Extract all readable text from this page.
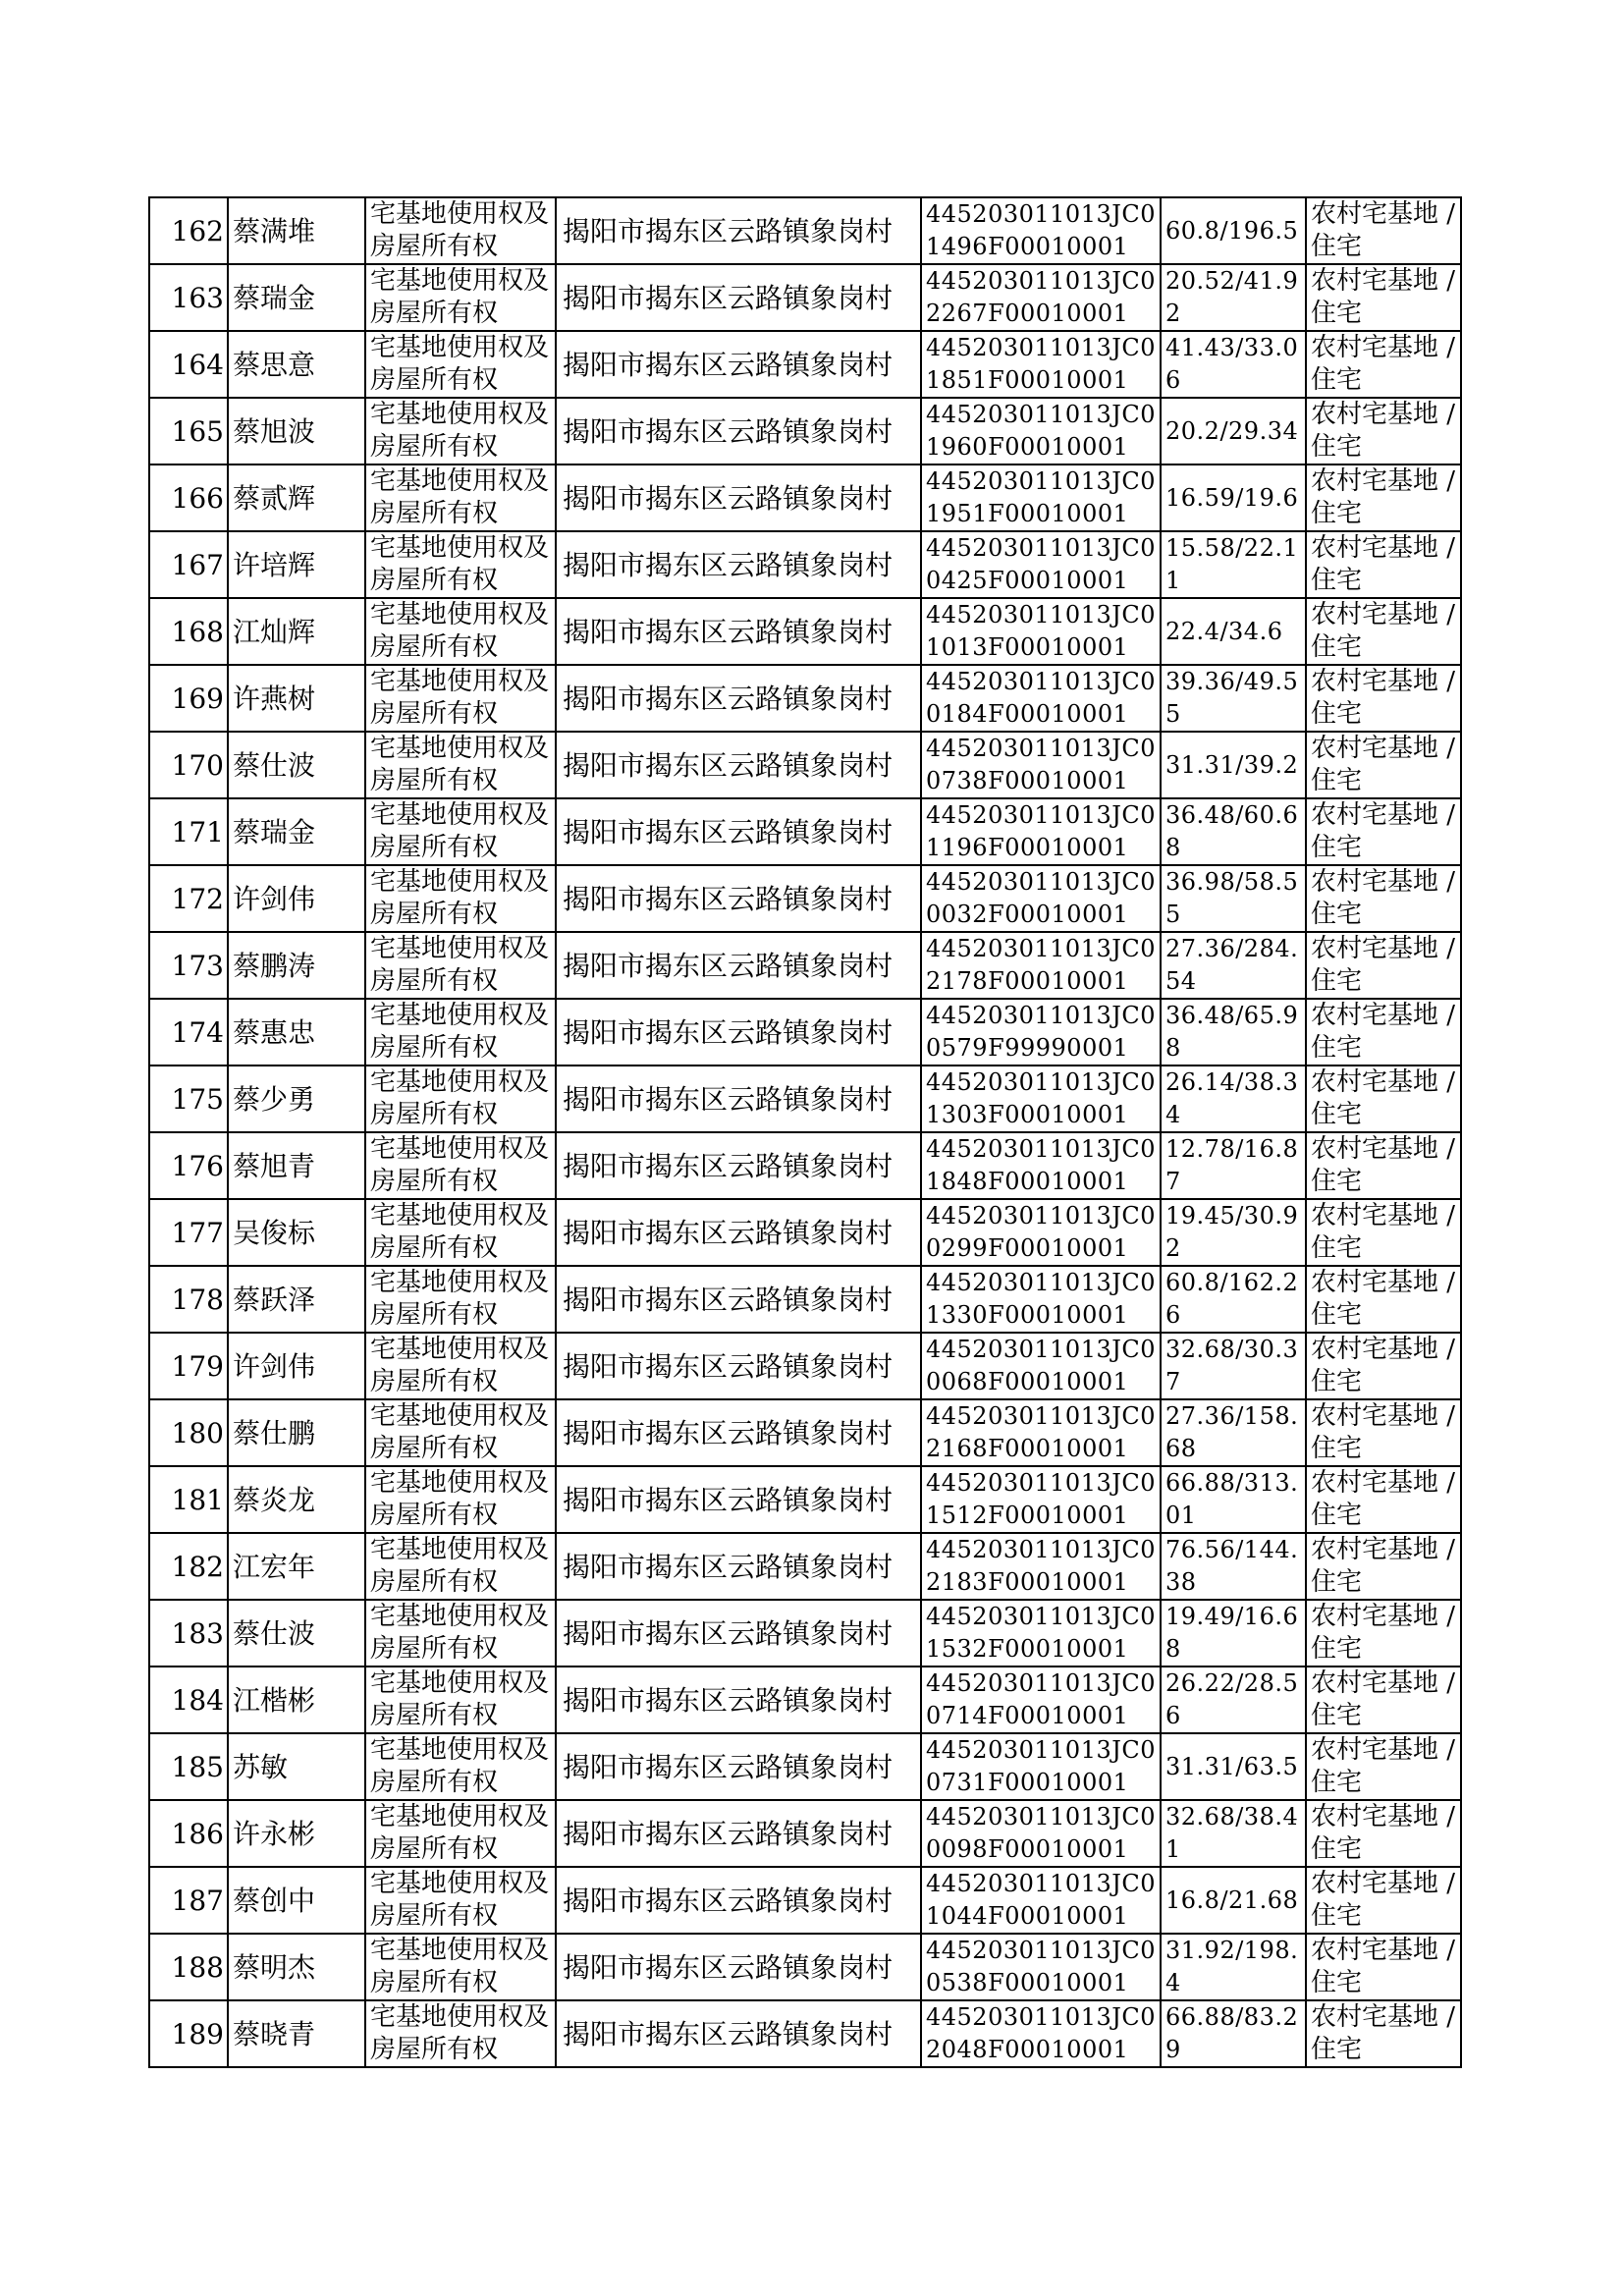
162	蔡满堆	宅基地使用权及房屋所有权	揭阳市揭东区云路镇象岗村	445203011013JC01496F00010001	60.8/196.5	农村宅基地 / 住宅
163	蔡瑞金	宅基地使用权及房屋所有权	揭阳市揭东区云路镇象岗村	445203011013JC02267F00010001	20.52/41.92	农村宅基地 / 住宅
164	蔡思意	宅基地使用权及房屋所有权	揭阳市揭东区云路镇象岗村	445203011013JC01851F00010001	41.43/33.06	农村宅基地 / 住宅
165	蔡旭波	宅基地使用权及房屋所有权	揭阳市揭东区云路镇象岗村	445203011013JC01960F00010001	20.2/29.34	农村宅基地 / 住宅
166	蔡贰辉	宅基地使用权及房屋所有权	揭阳市揭东区云路镇象岗村	445203011013JC01951F00010001	16.59/19.6	农村宅基地 / 住宅
167	许培辉	宅基地使用权及房屋所有权	揭阳市揭东区云路镇象岗村	445203011013JC00425F00010001	15.58/22.11	农村宅基地 / 住宅
168	江灿辉	宅基地使用权及房屋所有权	揭阳市揭东区云路镇象岗村	445203011013JC01013F00010001	22.4/34.6	农村宅基地 / 住宅
169	许燕树	宅基地使用权及房屋所有权	揭阳市揭东区云路镇象岗村	445203011013JC00184F00010001	39.36/49.55	农村宅基地 / 住宅
170	蔡仕波	宅基地使用权及房屋所有权	揭阳市揭东区云路镇象岗村	445203011013JC00738F00010001	31.31/39.2	农村宅基地 / 住宅
171	蔡瑞金	宅基地使用权及房屋所有权	揭阳市揭东区云路镇象岗村	445203011013JC01196F00010001	36.48/60.68	农村宅基地 / 住宅
172	许剑伟	宅基地使用权及房屋所有权	揭阳市揭东区云路镇象岗村	445203011013JC00032F00010001	36.98/58.55	农村宅基地 / 住宅
173	蔡鹏涛	宅基地使用权及房屋所有权	揭阳市揭东区云路镇象岗村	445203011013JC02178F00010001	27.36/284.54	农村宅基地 / 住宅
174	蔡惠忠	宅基地使用权及房屋所有权	揭阳市揭东区云路镇象岗村	445203011013JC00579F99990001	36.48/65.98	农村宅基地 / 住宅
175	蔡少勇	宅基地使用权及房屋所有权	揭阳市揭东区云路镇象岗村	445203011013JC01303F00010001	26.14/38.34	农村宅基地 / 住宅
176	蔡旭青	宅基地使用权及房屋所有权	揭阳市揭东区云路镇象岗村	445203011013JC01848F00010001	12.78/16.87	农村宅基地 / 住宅
177	吴俊标	宅基地使用权及房屋所有权	揭阳市揭东区云路镇象岗村	445203011013JC00299F00010001	19.45/30.92	农村宅基地 / 住宅
178	蔡跃泽	宅基地使用权及房屋所有权	揭阳市揭东区云路镇象岗村	445203011013JC01330F00010001	60.8/162.26	农村宅基地 / 住宅
179	许剑伟	宅基地使用权及房屋所有权	揭阳市揭东区云路镇象岗村	445203011013JC00068F00010001	32.68/30.37	农村宅基地 / 住宅
180	蔡仕鹏	宅基地使用权及房屋所有权	揭阳市揭东区云路镇象岗村	445203011013JC02168F00010001	27.36/158.68	农村宅基地 / 住宅
181	蔡炎龙	宅基地使用权及房屋所有权	揭阳市揭东区云路镇象岗村	445203011013JC01512F00010001	66.88/313.01	农村宅基地 / 住宅
182	江宏年	宅基地使用权及房屋所有权	揭阳市揭东区云路镇象岗村	445203011013JC02183F00010001	76.56/144.38	农村宅基地 / 住宅
183	蔡仕波	宅基地使用权及房屋所有权	揭阳市揭东区云路镇象岗村	445203011013JC01532F00010001	19.49/16.68	农村宅基地 / 住宅
184	江楷彬	宅基地使用权及房屋所有权	揭阳市揭东区云路镇象岗村	445203011013JC00714F00010001	26.22/28.56	农村宅基地 / 住宅
185	苏敏	宅基地使用权及房屋所有权	揭阳市揭东区云路镇象岗村	445203011013JC00731F00010001	31.31/63.5	农村宅基地 / 住宅
186	许永彬	宅基地使用权及房屋所有权	揭阳市揭东区云路镇象岗村	445203011013JC00098F00010001	32.68/38.41	农村宅基地 / 住宅
187	蔡创中	宅基地使用权及房屋所有权	揭阳市揭东区云路镇象岗村	445203011013JC01044F00010001	16.8/21.68	农村宅基地 / 住宅
188	蔡明杰	宅基地使用权及房屋所有权	揭阳市揭东区云路镇象岗村	445203011013JC00538F00010001	31.92/198.4	农村宅基地 / 住宅
189	蔡晓青	宅基地使用权及房屋所有权	揭阳市揭东区云路镇象岗村	445203011013JC02048F00010001	66.88/83.29	农村宅基地 / 住宅
